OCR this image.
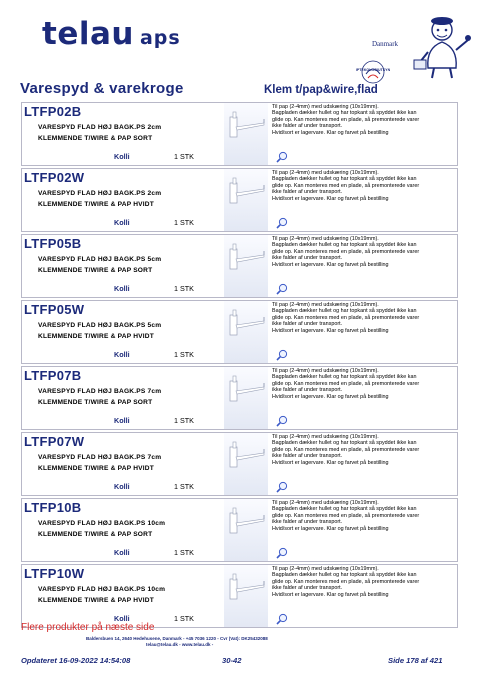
telau aps	Danmark
IPTEKOLOGIUTSYN
Varespyd & varekroge	Klem t/pap&wire,flad
LTFP02B
VARESPYD FLAD HØJ BAGK.PS 2cm
KLEMMENDE T/WIRE & PAP SORT
Kolli	1 STK
Til pap (2-4mm) med udskæring (10x19mm).
Bagpladen dækker hullet og har topkant så spyddet ikke kan
glide op. Kan monteres med en plade, så premonterede varer
ikke falder af under transport.
Hvid/sort er lagervare. Klar og farvet på bestilling
LTFP02W
VARESPYD FLAD HØJ BAGK.PS 2cm
KLEMMENDE T/WIRE & PAP HVIDT
Kolli	1 STK
Til pap (2-4mm) med udskæring (10x19mm).
Bagpladen dækker hullet og har topkant så spyddet ikke kan
glide op. Kan monteres med en plade, så premonterede varer
ikke falder af under transport.
Hvid/sort er lagervare. Klar og farvet på bestilling
LTFP05B
VARESPYD FLAD HØJ BAGK.PS 5cm
KLEMMENDE T/WIRE & PAP SORT
Kolli	1 STK
Til pap (2-4mm) med udskæring (10x19mm).
Bagpladen dækker hullet og har topkant så spyddet ikke kan
glide op. Kan monteres med en plade, så premonterede varer
ikke falder af under transport.
Hvid/sort er lagervare. Klar og farvet på bestilling
LTFP05W
VARESPYD FLAD HØJ BAGK.PS 5cm
KLEMMENDE T/WIRE & PAP HVIDT
Kolli	1 STK
Til pap (2-4mm) med udskæring (10x19mm).
Bagpladen dækker hullet og har topkant så spyddet ikke kan
glide op. Kan monteres med en plade, så premonterede varer
ikke falder af under transport.
Hvid/sort er lagervare. Klar og farvet på bestilling
LTFP07B
VARESPYD FLAD HØJ BAGK.PS 7cm
KLEMMENDE T/WIRE & PAP SORT
Kolli	1 STK
Til pap (2-4mm) med udskæring (10x19mm).
Bagpladen dækker hullet og har topkant så spyddet ikke kan
glide op. Kan monteres med en plade, så premonterede varer
ikke falder af under transport.
Hvid/sort er lagervare. Klar og farvet på bestilling
LTFP07W
VARESPYD FLAD HØJ BAGK.PS 7cm
KLEMMENDE T/WIRE & PAP HVIDT
Kolli	1 STK
Til pap (2-4mm) med udskæring (10x19mm).
Bagpladen dækker hullet og har topkant så spyddet ikke kan
glide op. Kan monteres med en plade, så premonterede varer
ikke falder af under transport.
Hvid/sort er lagervare. Klar og farvet på bestilling
LTFP10B
VARESPYD FLAD HØJ BAGK.PS 10cm
KLEMMENDE T/WIRE & PAP SORT
Kolli	1 STK
Til pap (2-4mm) med udskæring (10x19mm).
Bagpladen dækker hullet og har topkant så spyddet ikke kan
glide op. Kan monteres med en plade, så premonterede varer
ikke falder af under transport.
Hvid/sort er lagervare. Klar og farvet på bestilling
LTFP10W
VARESPYD FLAD HØJ BAGK.PS 10cm
KLEMMENDE T/WIRE & PAP HVIDT
Kolli	1 STK
Til pap (2-4mm) med udskæring (10x19mm).
Bagpladen dækker hullet og har topkant så spyddet ikke kan
glide op. Kan monteres med en plade, så premonterede varer
ikke falder af under transport.
Hvid/sort er lagervare. Klar og farvet på bestilling
Flere produkter på næste side
Baldersbuen 14, 2640 Hedehusene, Danmark - +45 7036 1220 - Cvr (Vat): DK25432088
telau@telau.dk - www.telau.dk -
Opdateret 16-09-2022 14:54:08	30-42	Side 178 af 421
